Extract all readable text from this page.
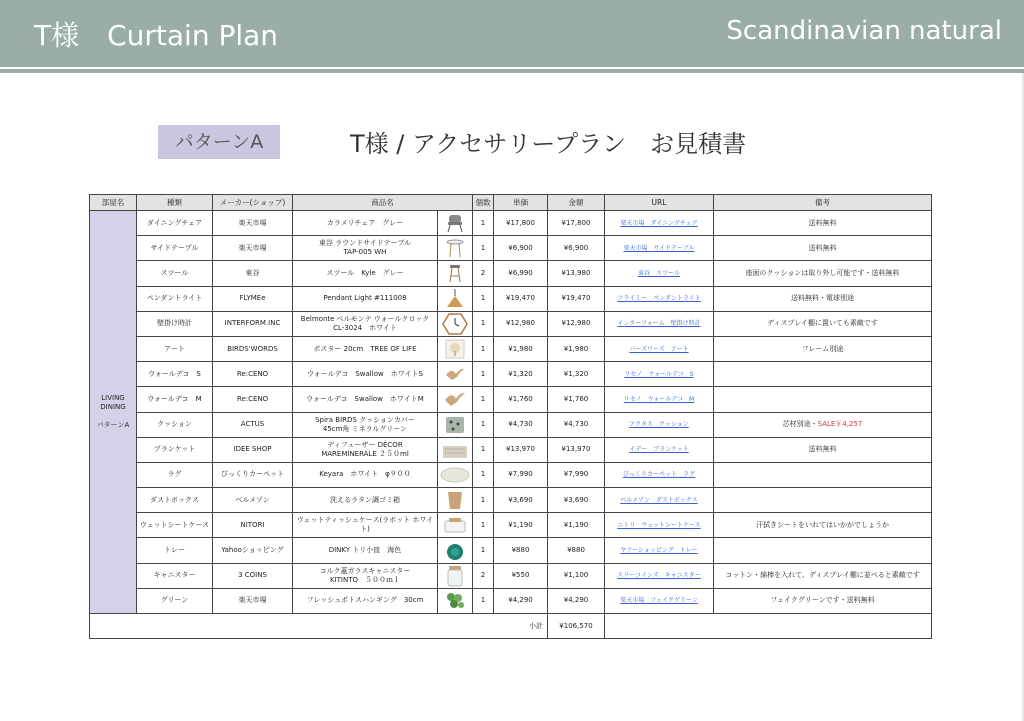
T様　Curtain Plan	Scandinavian natural
パターンA	T様 / アクセサリープラン　お見積書
部屋名	種類	メーカー(ショップ)	商品名		個数	単価	金額	URL	備考
LIVING
DINING

パターンA	ダイニングチェア	楽天市場	カラメリチェア　グレー		1	¥17,800	¥17,800	楽天市場　ダイニングチェア	送料無料
	サイドテーブル	楽天市場	東谷 ラウンドサイドテーブル
TAP-005 WH		1	¥6,900	¥6,900	楽天市場　サイドテーブル	送料無料
	スツール	東谷	スツール　Kyle　グレー		2	¥6,990	¥13,980	東谷　スツール	座面のクッションは取り外し可能です・送料無料
	ペンダントライト	FLYMEe	Pendant Light #111008		1	¥19,470	¥19,470	フライミー　ペンダントライト	送料無料・電球別途
	壁掛け時計	INTERFORM.INC	Belmonte ベルモンテ ウォールクロック
CL-3024　ホワイト		1	¥12,980	¥12,980	インターフォーム　壁掛け時計	ディスプレイ棚に置いても素敵です
	アート	BIRDS'WORDS	ポスター 20cm　TREE OF LIFE		1	¥1,980	¥1,980	バーズワーズ　アート	フレーム別途
	ウォールデコ　S	Re:CENO	ウォールデコ　Swallow　ホワイトS		1	¥1,320	¥1,320	リセノ　ウォールデコ　S	
	ウォールデコ　M	Re:CENO	ウォールデコ　Swallow　ホワイトM		1	¥1,760	¥1,760	リセノ　ウォールデコ　M	
	クッション	ACTUS	Spira BIRDS クッションカバー
45cm角 ミネラルグリーン		1	¥4,730	¥4,730	アクタス　クッション	芯材別途・SALE￥4,257
	ブランケット	IDEE SHOP	ディフューザー DÉCOR
MAREMINERALE ２５０ml		1	¥13,970	¥13,970	イデー　ブランケット	送料無料
	ラグ	びっくりカーペット	Keyara　ホワイト　φ９００		1	¥7,990	¥7,990	びっくりカーペット　ラグ	
	ダストボックス	ベルメゾン	洗えるラタン調ゴミ箱		1	¥3,690	¥3,690	ベルメゾン　ダストボックス	
	ウェットシートケース	NITORI	ウェットティッシュケース(ラボット ホワイト)		1	¥1,190	¥1,190	ニトリ　ウェットシートケース	汗拭きシートをいれてはいかがでしょうか
	トレー	Yahooショッピング	DINKY トリ小皿　海色		1	¥880	¥880	ヤフーショッピング　トレー	
	キャニスター	3 COINS	コルク蓋ガラスキャニスター
KITINTO　５００ｍｌ		2	¥550	¥1,100	スリーコインズ　キャニスター	コットン・綿棒を入れて、ディスプレイ棚に並べると素敵です
	グリーン	楽天市場	フレッシュポトスハンギング　30cm		1	¥4,290	¥4,290	楽天市場　フェイクグリーン	フェイクグリーンです・送料無料
小計							¥106,570		
